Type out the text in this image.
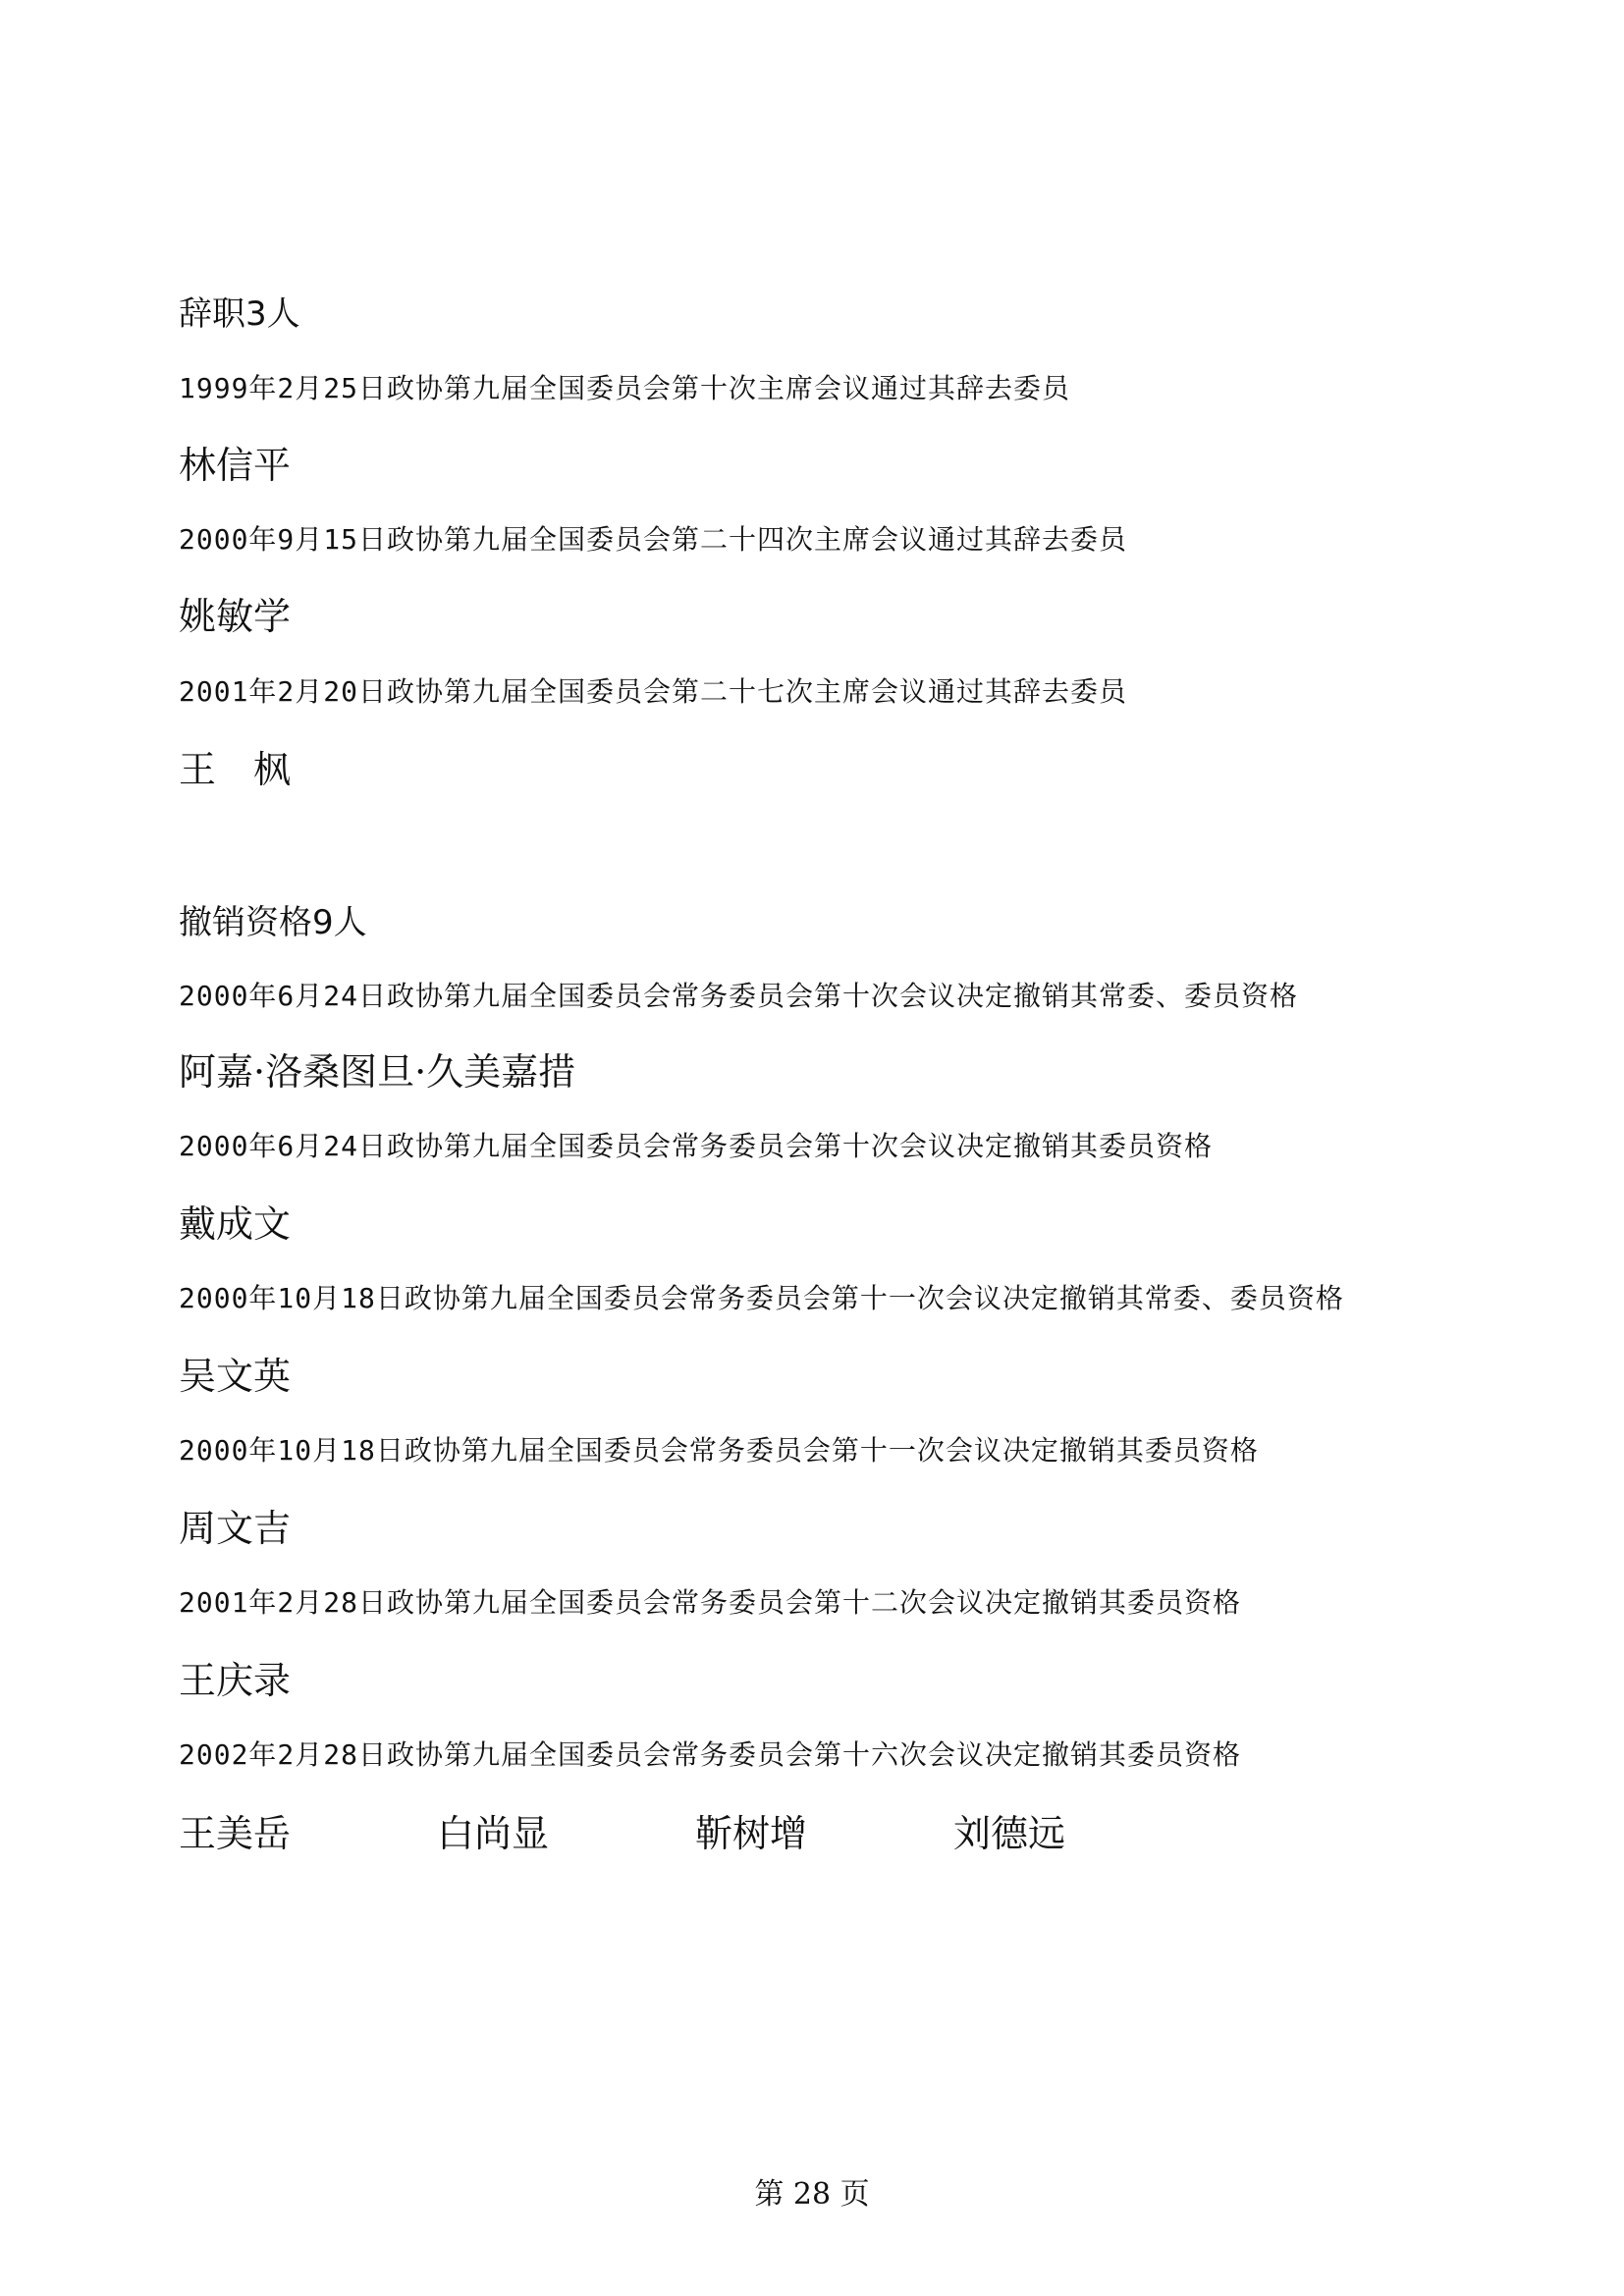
辞职3人
1999年2月25日政协第九届全国委员会第十次主席会议通过其辞去委员
林信平
2000年9月15日政协第九届全国委员会第二十四次主席会议通过其辞去委员
姚敏学
2001年2月20日政协第九届全国委员会第二十七次主席会议通过其辞去委员
王　枫
撤销资格9人
2000年6月24日政协第九届全国委员会常务委员会第十次会议决定撤销其常委、委员资格
阿嘉·洛桑图旦·久美嘉措
2000年6月24日政协第九届全国委员会常务委员会第十次会议决定撤销其委员资格
戴成文
2000年10月18日政协第九届全国委员会常务委员会第十一次会议决定撤销其常委、委员资格
吴文英
2000年10月18日政协第九届全国委员会常务委员会第十一次会议决定撤销其委员资格
周文吉
2001年2月28日政协第九届全国委员会常务委员会第十二次会议决定撤销其委员资格
王庆录
2002年2月28日政协第九届全国委员会常务委员会第十六次会议决定撤销其委员资格
王美岳	白尚显	靳树增	刘德远
第 28 页
